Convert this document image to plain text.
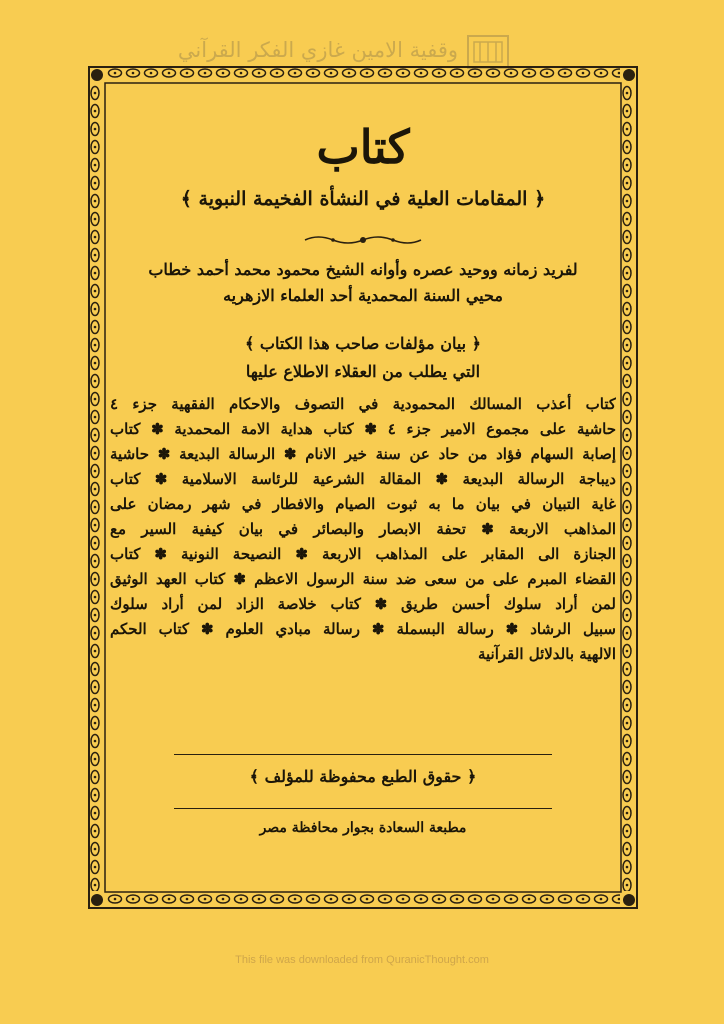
وقفية الامين غازي الفكر القرآني
كتاب
﴿ المقامات العلية في النشأة الفخيمة النبوية ﴾
لفريد زمانه ووحيد عصره وأوانه الشيخ محمود محمد أحمد خطاب
محيي السنة المحمدية أحد العلماء الازهريه
﴿ بيان مؤلفات صاحب هذا الكتاب ﴾
التي يطلب من العقلاء الاطلاع عليها
كتاب أعذب المسالك المحمودية في التصوف والاحكام الفقهية جزء ٤
حاشية على مجموع الامير جزء ٤ ✽ كتاب هداية الامة المحمدية ✽ كتاب
إصابة السهام فؤاد من حاد عن سنة خير الانام ✽ الرسالة البديعة ✽ حاشية
ديباجة الرسالة البديعة ✽ المقالة الشرعية للرئاسة الاسلامية ✽ كتاب
غاية التبيان في بيان ما به ثبوت الصيام والافطار في شهر رمضان على
المذاهب الاربعة ✽ تحفة الابصار والبصائر في بيان كيفية السير مع
الجنازة الى المقابر على المذاهب الاربعة ✽ النصيحة النونية ✽ كتاب
القضاء المبرم على من سعى ضد سنة الرسول الاعظم ✽ كتاب العهد الوثيق
لمن أراد سلوك أحسن طريق ✽ كتاب خلاصة الزاد لمن أراد سلوك
سبيل الرشاد ✽ رسالة البسملة ✽ رسالة مبادي العلوم ✽ كتاب الحكم
الالهية بالدلائل القرآنية
﴿ حقوق الطبع محفوظة للمؤلف ﴾
مطبعة السعادة بجوار محافظة مصر
This file was downloaded from QuranicThought.com
